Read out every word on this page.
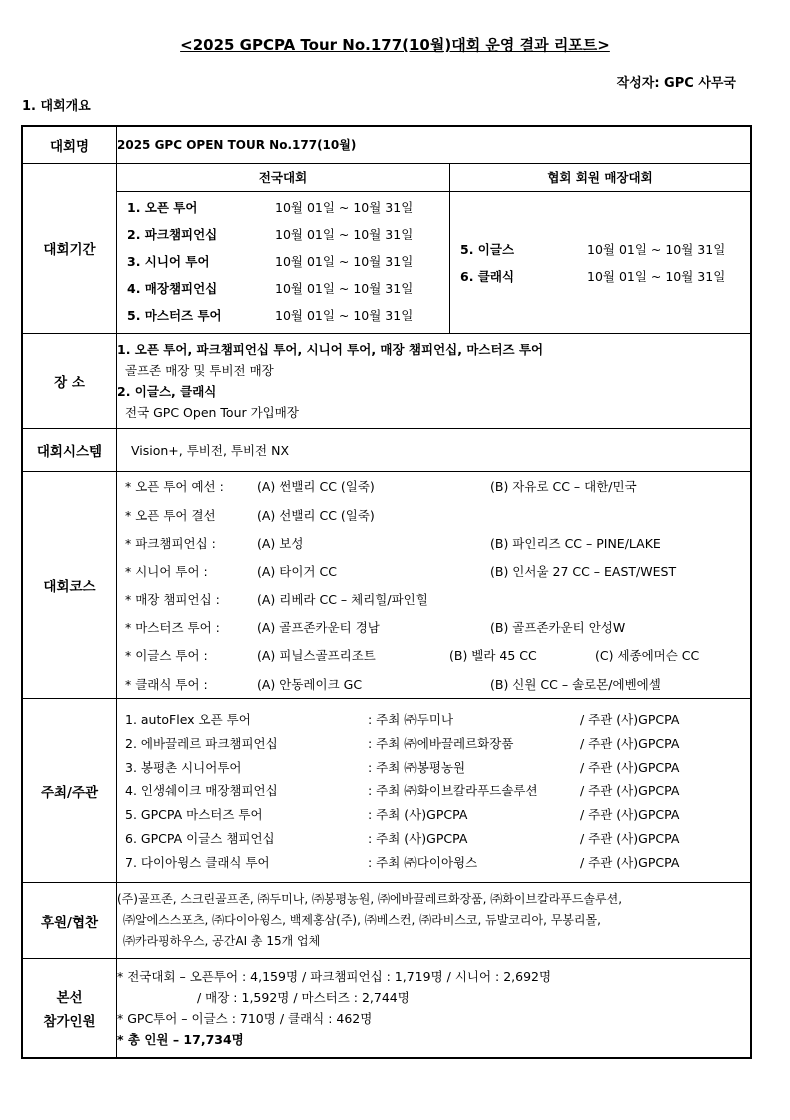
<2025 GPCPA Tour No.177(10월)대회 운영 결과 리포트>
작성자: GPC 사무국
1. 대회개요
대회명	2025 GPC OPEN TOUR No.177(10월)
대회기간	
전국대회	협회 회원 매장대회

1. 오픈 투어	10월 01일 ~ 10월 31일
2. 파크챔피언십	10월 01일 ~ 10월 31일
3. 시니어 투어	10월 01일 ~ 10월 31일
4. 매장챔피언십	10월 01일 ~ 10월 31일
5. 마스터즈 투어	10월 01일 ~ 10월 31일

5. 이글스	10월 01일 ~ 10월 31일
6. 클래식	10월 01일 ~ 10월 31일

장 소	
1. 오픈 투어, 파크챔피언십 투어, 시니어 투어, 매장 챔피언십, 마스터즈 투어
골프존 매장 및 투비전 매장
2. 이글스, 클래식
전국 GPC Open Tour 가입매장

대회시스템	Vision+, 투비전, 투비전 NX
대회코스	
* 오픈 투어 예선 :	(A) 썬밸리 CC (일죽)	(B) 자유로 CC – 대한/민국
* 오픈 투어 결선	(A) 선밸리 CC (일죽)
* 파크챔피언십 :	(A) 보성	(B) 파인리즈 CC – PINE/LAKE
* 시니어 투어 :	(A) 타이거 CC	(B) 인서울 27 CC – EAST/WEST
* 매장 챔피언십 :	(A) 리베라 CC – 체리힐/파인힐
* 마스터즈 투어 :	(A) 골프존카운티 경남	(B) 골프존카운티 안성W
* 이글스 투어 :	(A) 피닐스골프리조트	(B) 벨라 45 CC	(C) 세종에머슨 CC
* 클래식 투어 :	(A) 안동레이크 GC	(B) 신원 CC – 솔로몬/에벤에셀

주최/주관	
1. autoFlex 오픈 투어	: 주최 ㈜두미나	/ 주관 (사)GPCPA
2. 에바끌레르 파크챔피언십	: 주최 ㈜에바끌레르화장품	/ 주관 (사)GPCPA
3. 봉평촌 시니어투어	: 주최 ㈜봉평농원	/ 주관 (사)GPCPA
4. 인생쉐이크 매장챔피언십	: 주최 ㈜화이브칼라푸드솔루션	/ 주관 (사)GPCPA
5. GPCPA 마스터즈 투어	: 주최 (사)GPCPA	/ 주관 (사)GPCPA
6. GPCPA 이글스 챔피언십	: 주최 (사)GPCPA	/ 주관 (사)GPCPA
7. 다이아윙스 클래식 투어	: 주최 ㈜다이아윙스	/ 주관 (사)GPCPA

후원/협찬	
(주)골프존, 스크린골프존, ㈜두미나, ㈜봉평농원, ㈜에바끌레르화장품, ㈜화이브칼라푸드솔루션,
㈜알에스스포츠, ㈜다이아윙스, 백제홍삼(주), ㈜베스컨, ㈜라비스코, 듀발코리아, 무봉리몰,
㈜카라핑하우스, 공간AI 총 15개 업체

본선
참가인원

* 전국대회 – 오픈투어 : 4,159명 / 파크챔피언십 : 1,719명 / 시니어 : 2,692명
/ 매장 : 1,592명 / 마스터즈 : 2,744명
* GPC투어 – 이글스 : 710명 / 클래식 : 462명
* 총 인원 – 17,734명
